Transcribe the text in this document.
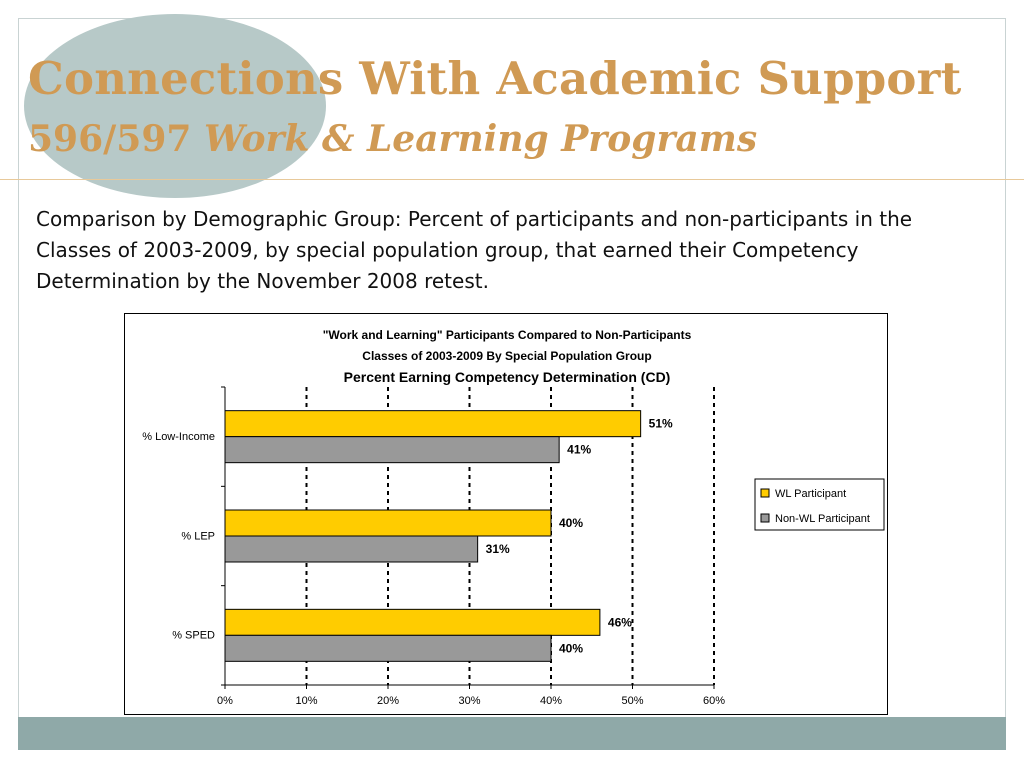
Connections With Academic Support
596/597 Work & Learning Programs

Comparison by Demographic Group: Percent of participants and non-participants in the Classes of 2003-2009, by special population group, that earned their Competency Determination by the November 2008 retest.

"Work and Learning" Participants Compared to Non-Participants
Classes of 2003-2009 By Special Population Group
Percent Earning Competency Determination (CD)
0%	10%	20%	30%	40%	50%	60%
% Low-Income
51%
41%
% LEP
40%
31%
% SPED
46%
40%
WL Participant
Non-WL Participant
